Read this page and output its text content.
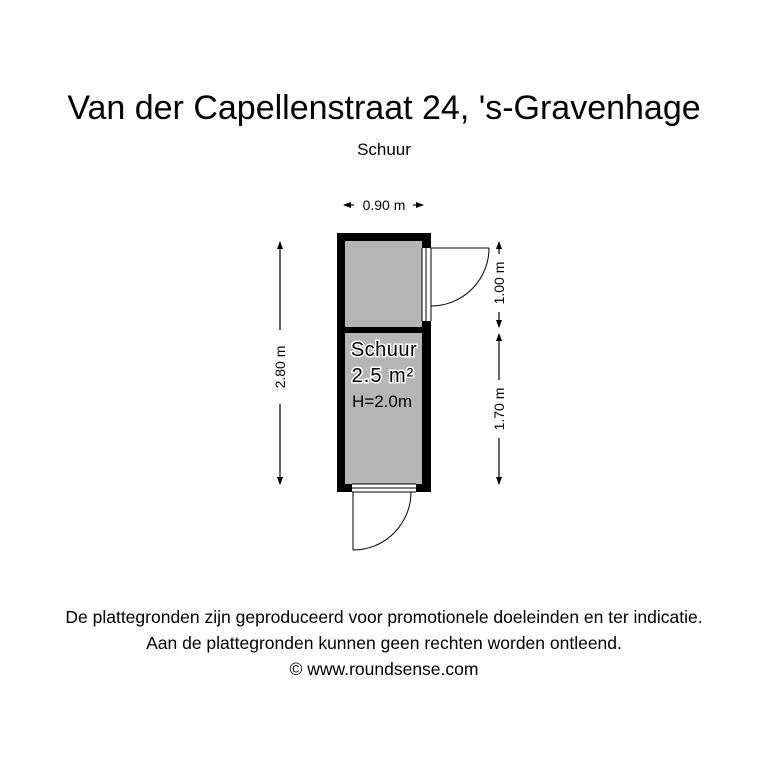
Van der Capellenstraat 24, 's-Gravenhage
Schuur
Schuur
2.5 m²
H=2.0m
0.90 m
2.80 m
1.00 m
1.70 m
De plattegronden zijn geproduceerd voor promotionele doeleinden en ter indicatie.
Aan de plattegronden kunnen geen rechten worden ontleend.
© www.roundsense.com
